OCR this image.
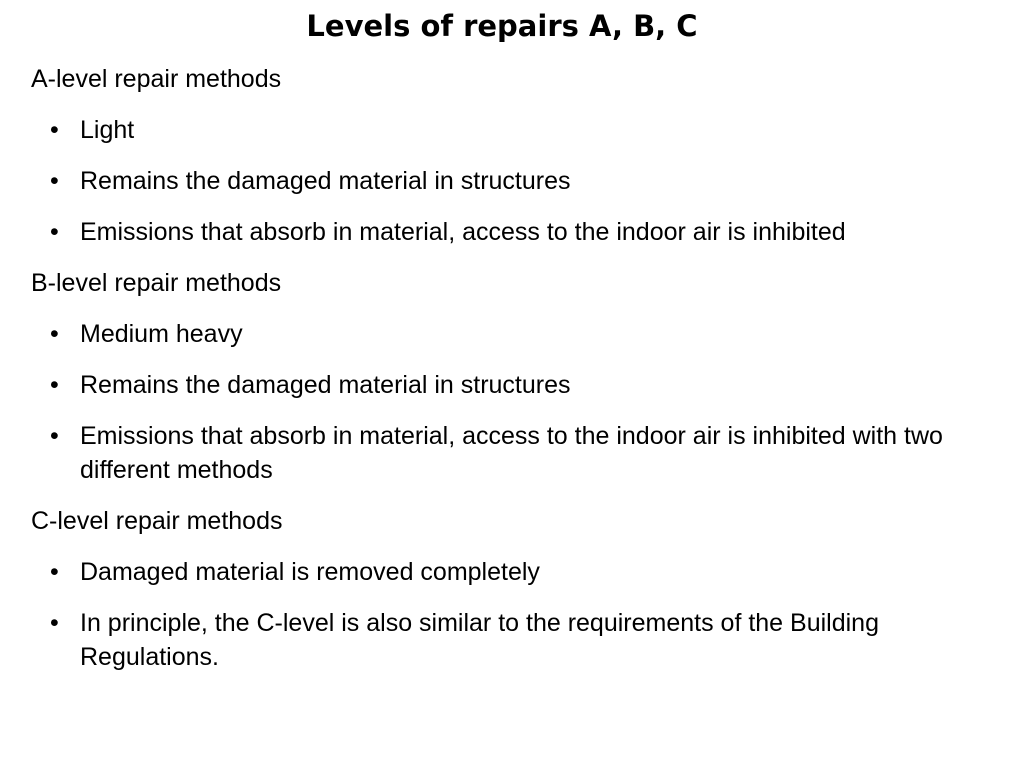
Levels of repairs A, B, C

A-level repair methods

• Light
• Remains the damaged material in structures
• Emissions that absorb in material, access to the indoor air is inhibited

B-level repair methods

• Medium heavy
• Remains the damaged material in structures
• Emissions that absorb in material, access to the indoor air is inhibited with two different methods

C-level repair methods

• Damaged material is removed completely
• In principle, the C-level is also similar to the requirements of the Building Regulations.
